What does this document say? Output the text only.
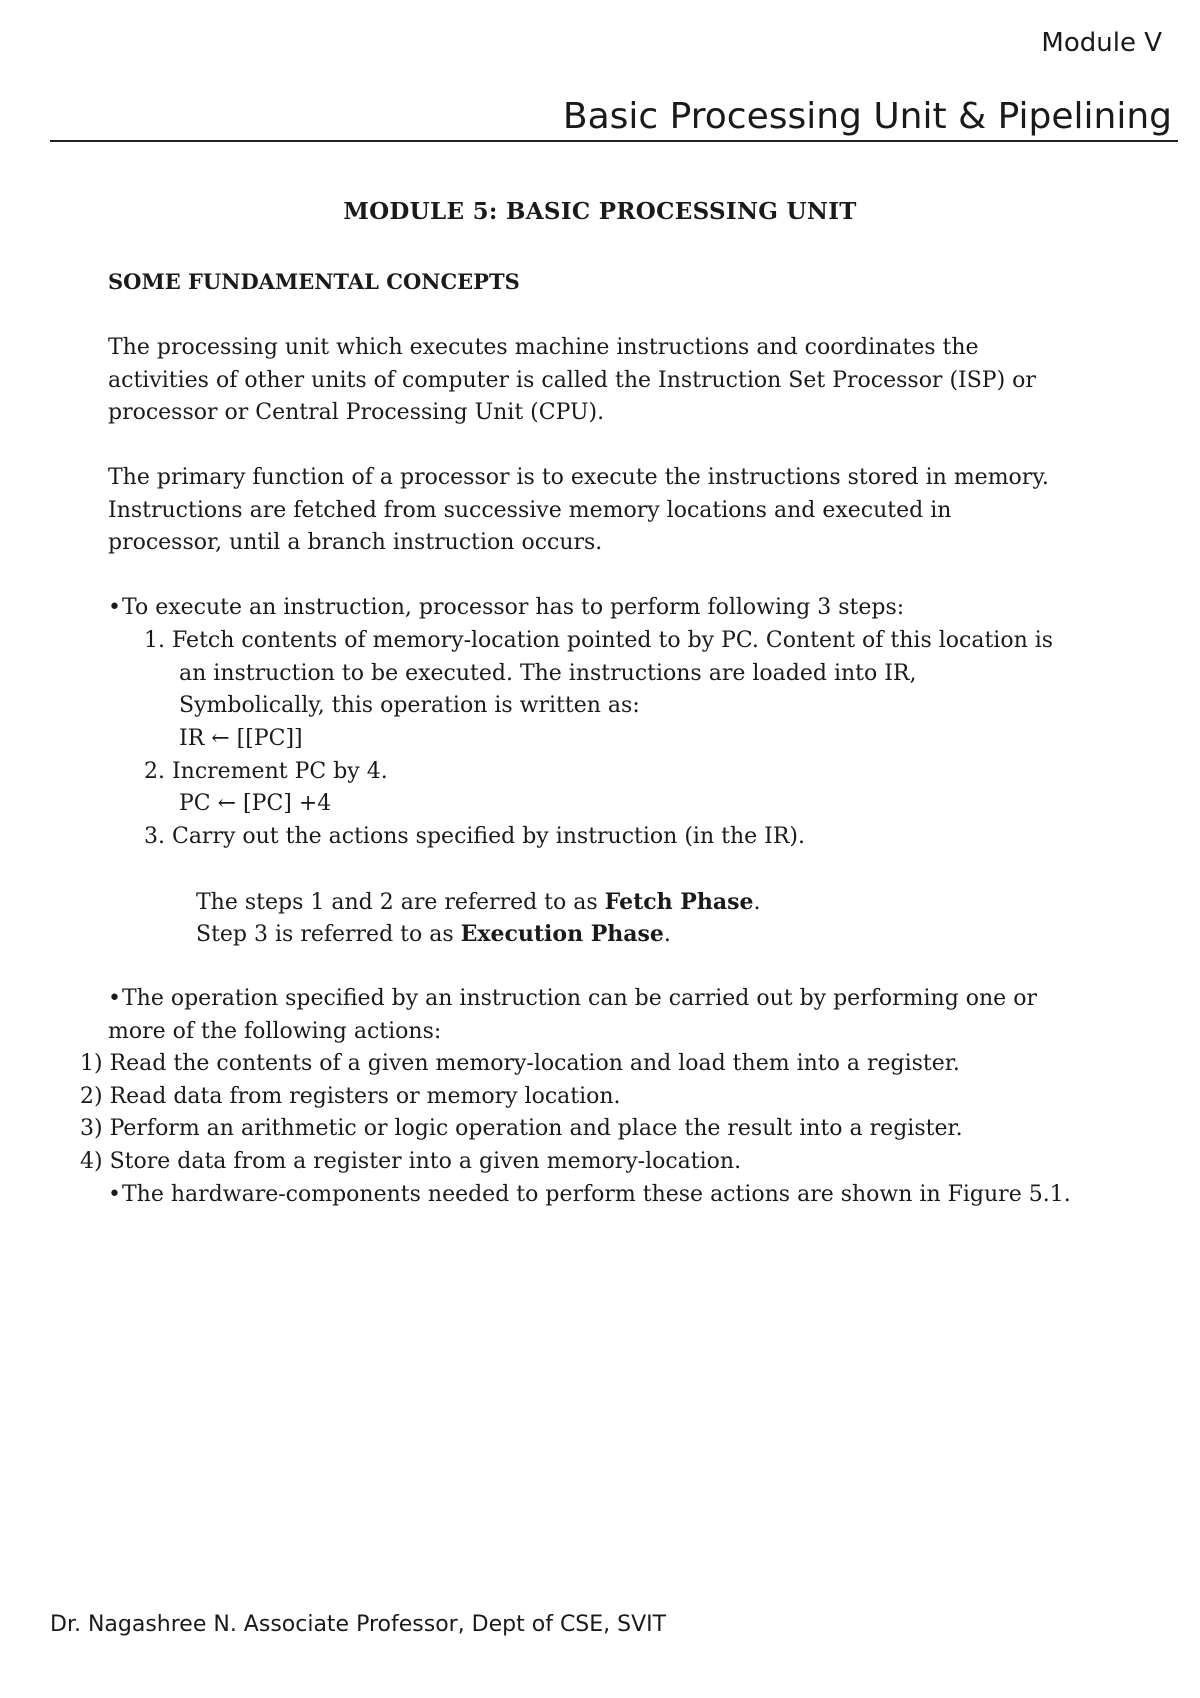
Module V
Basic Processing Unit & Pipelining
MODULE 5: BASIC PROCESSING UNIT
SOME FUNDAMENTAL CONCEPTS
The processing unit which executes machine instructions and coordinates the
activities of other units of computer is called the Instruction Set Processor (ISP) or
processor or Central Processing Unit (CPU).
The primary function of a processor is to execute the instructions stored in memory.
Instructions are fetched from successive memory locations and executed in
processor, until a branch instruction occurs.
•To execute an instruction, processor has to perform following 3 steps:
1. Fetch contents of memory-location pointed to by PC. Content of this location is
an instruction to be executed. The instructions are loaded into IR,
Symbolically, this operation is written as:
IR ← [[PC]]
2. Increment PC by 4.
PC ← [PC] +4
3. Carry out the actions specified by instruction (in the IR).
The steps 1 and 2 are referred to as Fetch Phase.
Step 3 is referred to as Execution Phase.
•The operation specified by an instruction can be carried out by performing one or
more of the following actions:
1) Read the contents of a given memory-location and load them into a register.
2) Read data from registers or memory location.
3) Perform an arithmetic or logic operation and place the result into a register.
4) Store data from a register into a given memory-location.
•The hardware-components needed to perform these actions are shown in Figure 5.1.
Dr. Nagashree N. Associate Professor, Dept of CSE, SVIT
